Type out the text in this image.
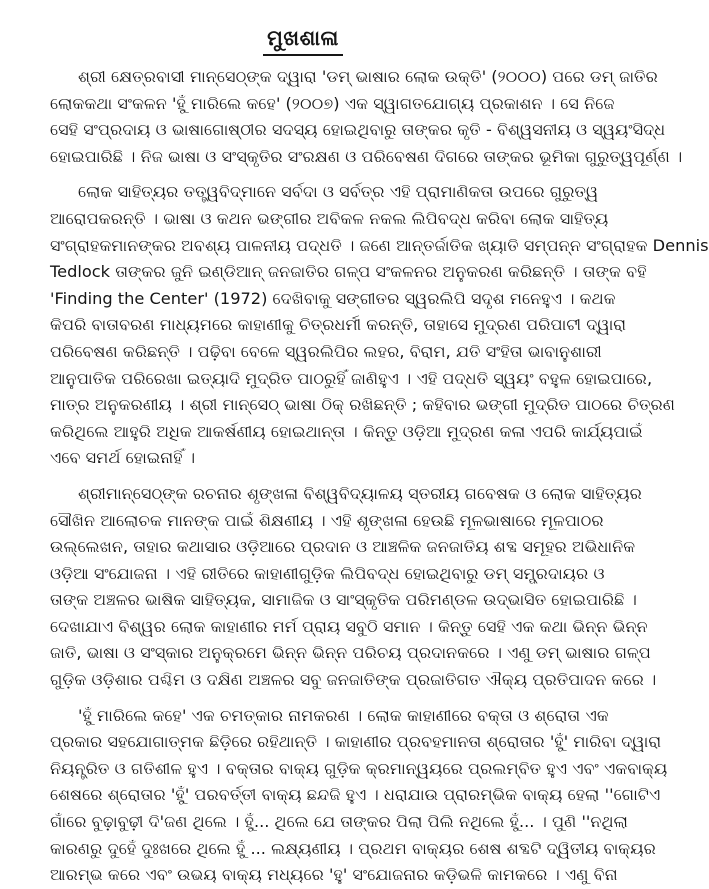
ମୁଖଶାଳା

ଶ୍ରୀ କ୍ଷେତ୍ରବାସୀ ମାନ୍‌ସେଠ୍‌ଙ୍କ ଦ୍ୱାରା 'ଡମ୍ ଭାଷାର ଲୋକ ଉକ୍ତି' (୨୦୦୦) ପରେ ଡମ୍ ଜାତିର
ଲୋକକଥା ସଂକଳନ 'ହୁଁ ମାରିଲେ କହେ' (୨୦୦୭) ଏକ ସ୍ୱାଗତଯୋଗ୍ୟ ପ୍ରକାଶନ । ସେ ନିଜେ
ସେହି ସଂପ୍ରଦାୟ ଓ ଭାଷାଗୋଷ୍ଠୀର ସଦସ୍ୟ ହୋଇଥିବାରୁ ତାଙ୍କର କୃତି - ବିଶ୍ୱସନୀୟ ଓ ସ୍ୱୟଂସିଦ୍ଧ
ହୋଇପାରିଛି । ନିଜ ଭାଷା ଓ ସଂସ୍କୃତିର ସଂରକ୍ଷଣ ଓ ପରିବେଷଣ ଦିଗରେ ତାଙ୍କର ଭୂମିକା ଗୁରୁତ୍ୱପୂର୍ଣ୍ଣ ।

ଲୋକ ସାହିତ୍ୟର ତତ୍ତ୍ୱବିଦ୍‌ମାନେ ସର୍ବଦା ଓ ସର୍ବତ୍ର ଏହି ପ୍ରାମାଣିକତା ଉପରେ ଗୁରୁତ୍ୱ
ଆରୋପକରନ୍ତି । ଭାଷା ଓ କଥନ ଭଙ୍ଗୀର ଅବିକଳ ନକଲ ଲିପିବଦ୍ଧ କରିବା ଲୋକ ସାହିତ୍ୟ
ସଂଗ୍ରାହକମାନଙ୍କର ଅବଶ୍ୟ ପାଳନୀୟ ପଦ୍ଧତି । ଜଣେ ଆନ୍ତର୍ଜାତିକ ଖ୍ୟାତି ସମ୍ପନ୍ନ ସଂଗ୍ରାହକ Dennis
Tedlock ତାଙ୍କର ଜୁନି ଇଣ୍ଡିଆନ୍ ଜନଜାତିର ଗଳ୍ପ ସଂକଳନର ଅନୁକରଣ କରିଛନ୍ତି । ତାଙ୍କ ବହି
'Finding the Center' (1972) ଦେଖିବାକୁ ସଙ୍ଗୀତର ସ୍ୱରଲିପି ସଦୃଶ ମନେହୁଏ । କଥକ
କିପରି ବାତାବରଣ ମାଧ୍ୟମରେ କାହାଣୀକୁ ଚିତ୍ରଧର୍ମୀ କରନ୍ତି, ତାହାସେ ମୁଦ୍ରଣ ପରିପାଟୀ ଦ୍ୱାରା
ପରିବେଷଣ କରିଛନ୍ତି । ପଢ଼ିବା ବେଳେ ସ୍ୱରଲିପିର ଲହର, ବିରାମ, ଯତି ସଂହିତା ଭାବାନୁଶାରୀ
ଆନୁପାତିକ ପରିରେଖା ଇତ୍ୟାଦି ମୁଦ୍ରିତ ପାଠରୁହିଁ ଜାଣିହୁଏ । ଏହି ପଦ୍ଧତି ସ୍ୱୟଂ ବହୁଳ ହୋଇପାରେ,
ମାତ୍ର ଅନୁକରଣୀୟ । ଶ୍ରୀ ମାନ୍‌ସେଠ୍ ଭାଷା ଠିକ୍ ରଖିଛନ୍ତି ; କହିବାର ଭଙ୍ଗୀ ମୁଦ୍ରିତ ପାଠରେ ଚିତ୍ରଣ
କରିଥିଲେ ଆହୁରି ଅଧିକ ଆକର୍ଷଣୀୟ ହୋଇଥାନ୍ତା । କିନ୍ତୁ ଓଡ଼ିଆ ମୁଦ୍ରଣ କଳା ଏପରି କାର୍ଯ୍ୟପାଇଁ
ଏବେ ସମର୍ଥ ହୋଇନାହିଁ ।

ଶ୍ରୀମାନ୍‌ସେଠ୍‌ଙ୍କ ରଚନାର ଶୃଙ୍ଖଳା ବିଶ୍ୱବିଦ୍ୟାଳୟ ସ୍ତରୀୟ ଗବେଷକ ଓ ଲୋକ ସାହିତ୍ୟର
ସୌଖିନ ଆଲୋଚକ ମାନଙ୍କ ପାଇଁ ଶିକ୍ଷଣୀୟ । ଏହି ଶୃଙ୍ଖଳା ହେଉଛି ମୂଳଭାଷାରେ ମୂଳପାଠର
ଉଲ୍ଲେଖନ, ତାହାର କଥାସାର ଓଡ଼ିଆରେ ପ୍ରଦାନ ଓ ଆଞ୍ଚଳିକ ଜନଜାତିୟ ଶବ୍ଦ ସମୂହର ଅଭିଧାନିକ
ଓଡ଼ିଆ ସଂଯୋଜନା । ଏହି ରୀତିରେ କାହାଣୀଗୁଡ଼ିକ ଲିପିବଦ୍ଧ ହୋଇଥିବାରୁ ଡମ୍ ସମ୍ପ୍ରଦାୟର ଓ
ତାଙ୍କ ଅଞ୍ଚଳର ଭାଷିକ ସାହିତ୍ୟକ, ସାମାଜିକ ଓ ସାଂସ୍କୃତିକ ପରିମଣ୍ଡଳ ଉଦ୍‌ଭାସିତ ହୋଇପାରିଛି ।
ଦେଖାଯାଏ ବିଶ୍ୱର ଲୋକ କାହାଣୀର ମର୍ମ ପ୍ରାୟ ସବୁଠି ସମାନ । କିନ୍ତୁ ସେହି ଏକ କଥା ଭିନ୍ନ ଭିନ୍ନ
ଜାତି, ଭାଷା ଓ ସଂସ୍କାର ଅନୁକ୍ରମେ ଭିନ୍ନ ଭିନ୍ନ ପରିଚୟ ପ୍ରଦାନକରେ । ଏଣୁ ଡମ୍ ଭାଷାର ଗଳ୍ପ
ଗୁଡ଼ିକ ଓଡ଼ିଶାର ପଶ୍ଚିମ ଓ ଦକ୍ଷିଣ ଅଞ୍ଚଳର ସବୁ ଜନଜାତିଙ୍କ ପ୍ରଜାତିଗତ ଐକ୍ୟ ପ୍ରତିପାଦନ କରେ ।

'ହୁଁ ମାରିଲେ କହେ' ଏକ ଚମତ୍କାର ନାମକରଣ । ଲୋକ କାହାଣୀରେ ବକ୍ତା ଓ ଶ୍ରୋତା ଏକ
ପ୍ରକାର ସହଯୋଗାତ୍ମକ ଛିଡ଼ିରେ ରହିଥାନ୍ତି । କାହାଣୀର ପ୍ରବହମାନତା ଶ୍ରୋତାର 'ହୁଁ' ମାରିବା ଦ୍ୱାରା
ନିୟନ୍ତ୍ରିତ ଓ ଗତିଶୀଳ ହୁଏ । ବକ୍ତାର ବାକ୍ୟ ଗୁଡ଼ିକ କ୍ରମାନ୍ୱୟରେ ପ୍ରଲମ୍ବିତ ହୁଏ ଏବଂ ଏକବାକ୍ୟ
ଶେଷରେ ଶ୍ରୋତାର 'ହୁଁ' ପରବର୍ତ୍ତୀ ବାକ୍ୟ ଛନ୍ଦଜି ହୁଏ । ଧରାଯାଉ ପ୍ରାରମ୍ଭିକ ବାକ୍ୟ ହେଲା ''ଗୋଟିଏ
ଗାଁରେ ବୁଢ଼ାବୁଢ଼ୀ ଦି'ଜଣ ଥିଲେ । ହୁଁ... ଥିଲେ ଯେ ତାଙ୍କର ପିଲା ପିଲି ନଥିଲେ ହୁଁ... । ପୁଣି ''ନଥିଲା
କାରଣରୁ ଦୁହେଁ ଦୁଃଖରେ ଥିଲେ ହୁଁ ... ଲକ୍ଷ୍ୟଣୀୟ । ପ୍ରଥମ ବାକ୍ୟର ଶେଷ ଶବ୍ଦଟି ଦ୍ୱିତୀୟ ବାକ୍ୟର
ଆରମ୍ଭ କରେ ଏବଂ ଉଭୟ ବାକ୍ୟ ମଧ୍ୟରେ 'ହୁ' ସଂଯୋଜନାର କଡ଼ିଭଳି କାମକରେ । ଏଣୁ ବିନା
